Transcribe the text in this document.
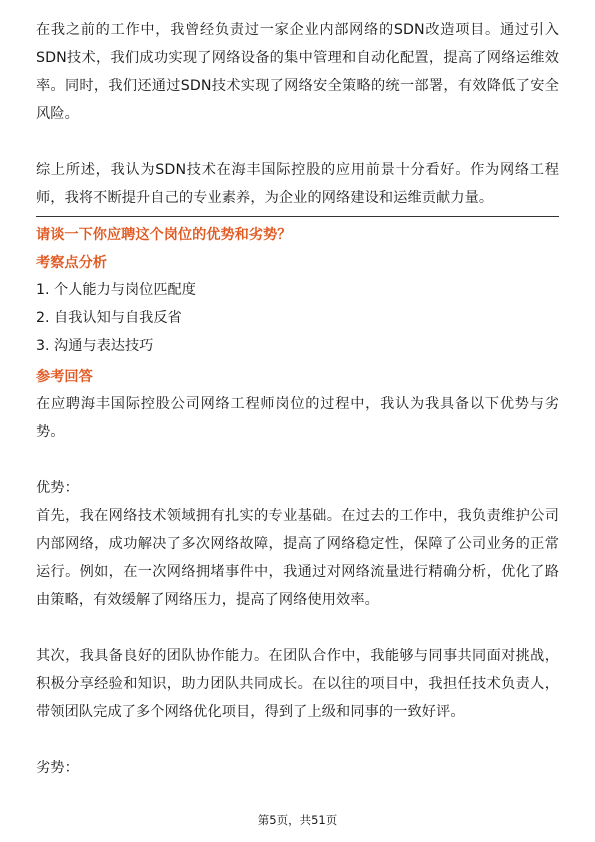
在我之前的工作中，我曾经负责过一家企业内部网络的SDN改造项目。通过引入SDN技术，我们成功实现了网络设备的集中管理和自动化配置，提高了网络运维效率。同时，我们还通过SDN技术实现了网络安全策略的统一部署，有效降低了安全风险。

综上所述，我认为SDN技术在海丰国际控股的应用前景十分看好。作为网络工程师，我将不断提升自己的专业素养，为企业的网络建设和运维贡献力量。

请谈一下你应聘这个岗位的优势和劣势？

考察点分析

1. 个人能力与岗位匹配度

2. 自我认知与自我反省

3. 沟通与表达技巧

参考回答

在应聘海丰国际控股公司网络工程师岗位的过程中，我认为我具备以下优势与劣势。

优势：

首先，我在网络技术领域拥有扎实的专业基础。在过去的工作中，我负责维护公司内部网络，成功解决了多次网络故障，提高了网络稳定性，保障了公司业务的正常运行。例如，在一次网络拥堵事件中，我通过对网络流量进行精确分析，优化了路由策略，有效缓解了网络压力，提高了网络使用效率。

其次，我具备良好的团队协作能力。在团队合作中，我能够与同事共同面对挑战，积极分享经验和知识，助力团队共同成长。在以往的项目中，我担任技术负责人，带领团队完成了多个网络优化项目，得到了上级和同事的一致好评。

劣势：

第5页，共51页
